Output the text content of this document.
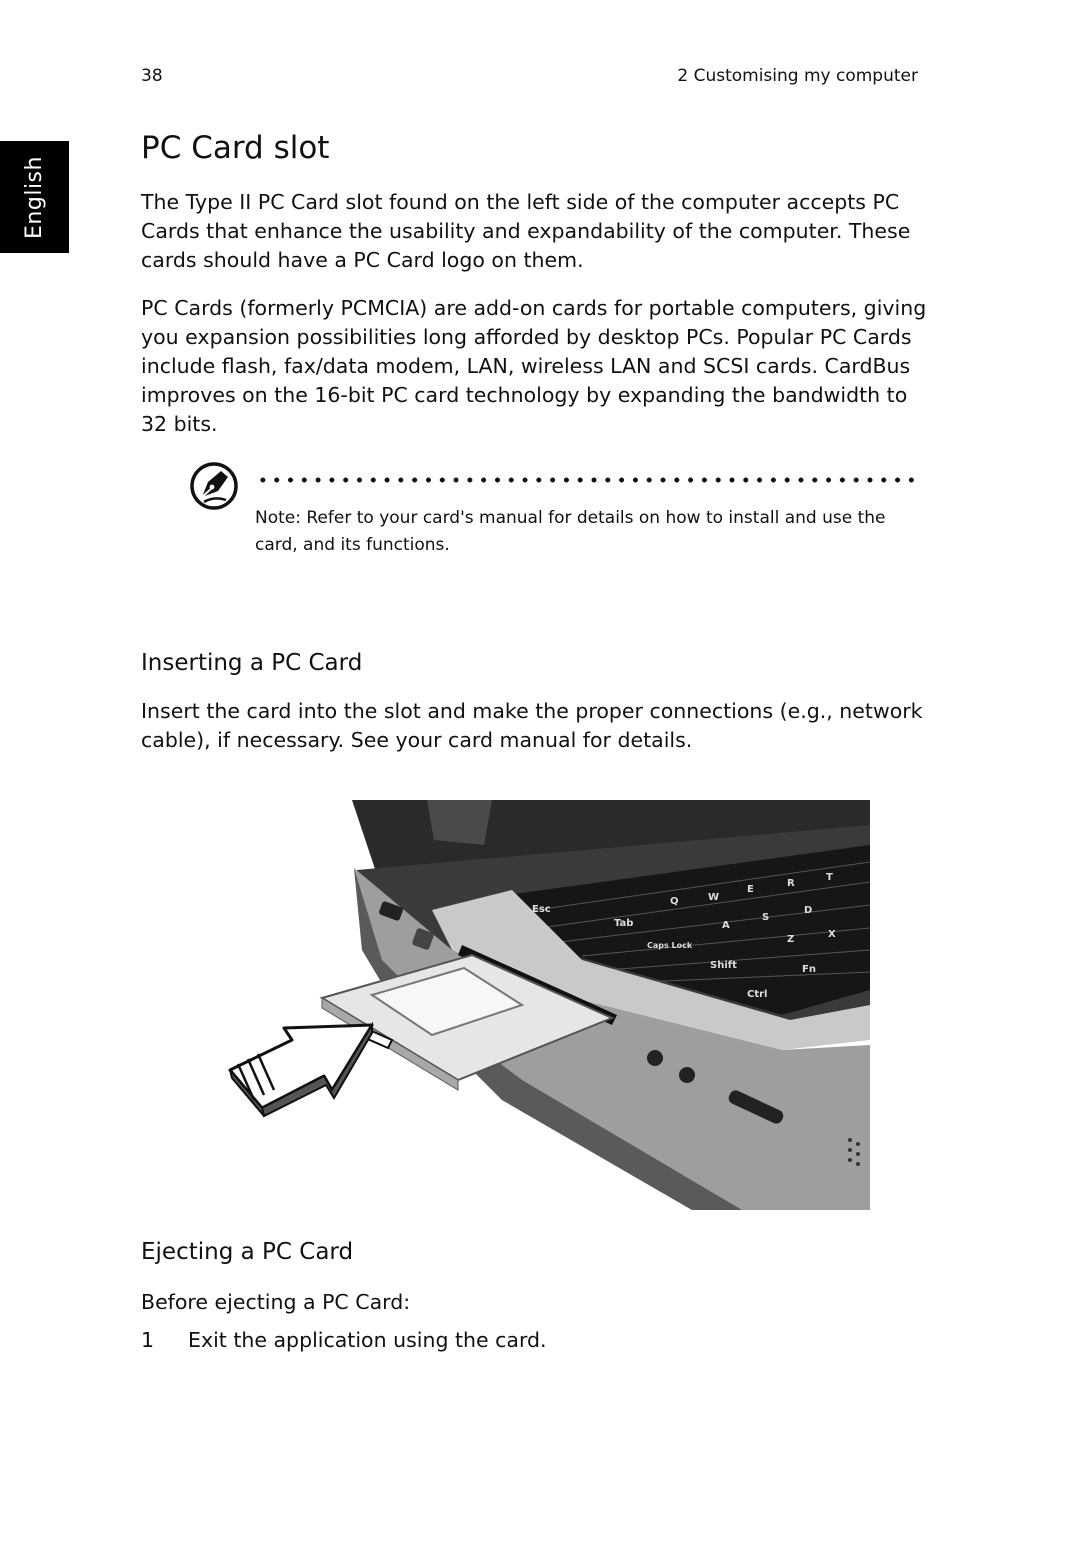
38	2 Customising my computer
English
PC Card slot

The Type II PC Card slot found on the left side of the computer accepts PC Cards that enhance the usability and expandability of the computer. These cards should have a PC Card logo on them.

PC Cards (formerly PCMCIA) are add-on cards for portable computers, giving you expansion possibilities long afforded by desktop PCs. Popular PC Cards include flash, fax/data modem, LAN, wireless LAN and SCSI cards. CardBus improves on the 16-bit PC card technology by expanding the bandwidth to 32 bits.

Note: Refer to your card's manual for details on how to install and use the card, and its functions.

Inserting a PC Card

Insert the card into the slot and make the proper connections (e.g., network cable), if necessary. See your card manual for details.

Esc
Q	W
E
R
T
A
S
D
Z	X
Tab
Caps Lock
Shift
Ctrl
Fn
Ejecting a PC Card

Before ejecting a PC Card:

1 Exit the application using the card.
